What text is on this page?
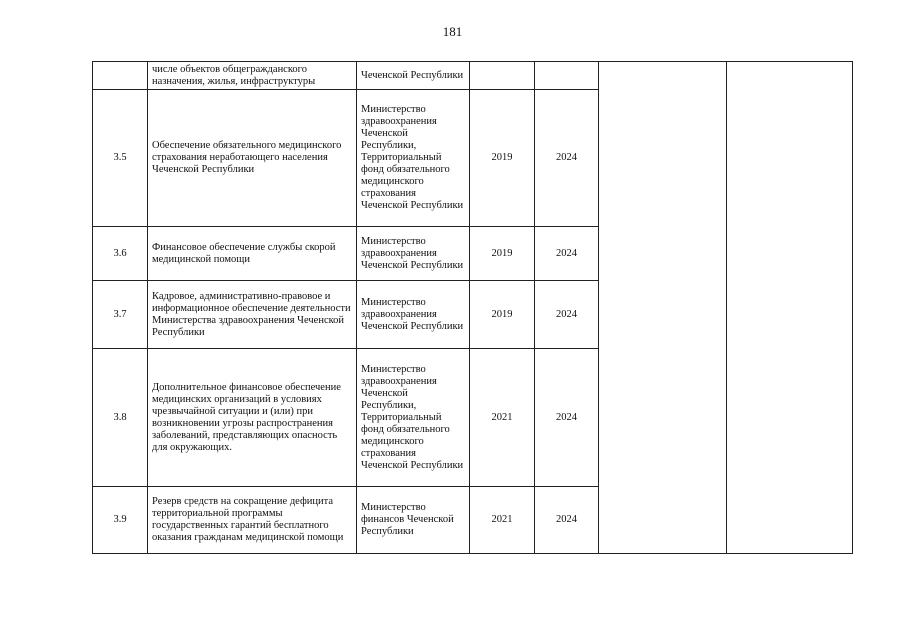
181
	числе объектов общегражданского назначения, жилья, инфраструктуры	Чеченской Республики				
3.5	Обеспечение обязательного медицинского страхования неработающего населения Чеченской Республики	Министерство здравоохранения Чеченской Республики, Территориальный фонд обязательного медицинского страхования Чеченской Республики	2019	2024		
3.6	Финансовое обеспечение службы скорой медицинской помощи	Министерство здравоохранения Чеченской Республики	2019	2024		
3.7	Кадровое, административно-правовое и информационное обеспечение деятельности Министерства здравоохранения Чеченской Республики	Министерство здравоохранения Чеченской Республики	2019	2024		
3.8	Дополнительное финансовое обеспечение медицинских организаций в условиях чрезвычайной ситуации и (или) при возникновении угрозы распространения заболеваний, представляющих опасность для окружающих.	Министерство здравоохранения Чеченской Республики, Территориальный фонд обязательного медицинского страхования Чеченской Республики	2021	2024		
3.9	Резерв средств на сокращение дефицита территориальной программы государственных гарантий бесплатного оказания гражданам медицинской помощи	Министерство финансов Чеченской Республики	2021	2024		
